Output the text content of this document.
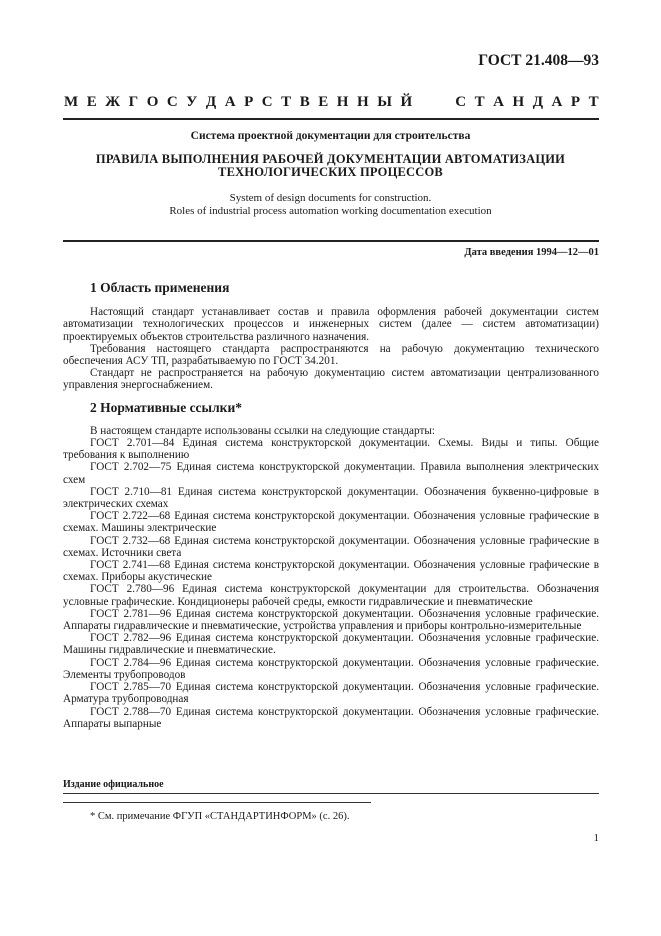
ГОСТ 21.408—93
М Е Ж Г О С У Д А Р С Т В Е Н Н Ы Й	С Т А Н Д А Р Т
Система проектной документации для строительства
ПРАВИЛА ВЫПОЛНЕНИЯ РАБОЧЕЙ ДОКУМЕНТАЦИИ АВТОМАТИЗАЦИИ
ТЕХНОЛОГИЧЕСКИХ ПРОЦЕССОВ
System of design documents for construction.
Roles of industrial process automation working documentation execution
Дата введения 1994—12—01
1 Область применения

Настоящий стандарт устанавливает состав и правила оформления рабочей документации систем автоматизации технологических процессов и инженерных систем (далее — систем автоматизации) проектируемых объектов строительства различного назначения.

Требования настоящего стандарта распространяются на рабочую документацию технического обеспечения АСУ ТП, разрабатываемую по ГОСТ 34.201.

Стандарт не распространяется на рабочую документацию систем автоматизации централизованного управления энергоснабжением.

2 Нормативные ссылки*

В настоящем стандарте использованы ссылки на следующие стандарты:

ГОСТ 2.701—84 Единая система конструкторской документации. Схемы. Виды и типы. Общие требования к выполнению

ГОСТ 2.702—75 Единая система конструкторской документации. Правила выполнения электрических схем

ГОСТ 2.710—81 Единая система конструкторской документации. Обозначения буквенно-цифровые в электрических схемах

ГОСТ 2.722—68 Единая система конструкторской документации. Обозначения условные графические в схемах. Машины электрические

ГОСТ 2.732—68 Единая система конструкторской документации. Обозначения условные графические в схемах. Источники света

ГОСТ 2.741—68 Единая система конструкторской документации. Обозначения условные графические в схемах. Приборы акустические

ГОСТ 2.780—96 Единая система конструкторской документации для строительства. Обозначения условные графические. Кондиционеры рабочей среды, емкости гидравлические и пневматические

ГОСТ 2.781—96 Единая система конструкторской документации. Обозначения условные графические. Аппараты гидравлические и пневматические, устройства управления и приборы контрольно-измерительные

ГОСТ 2.782—96 Единая система конструкторской документации. Обозначения условные графические. Машины гидравлические и пневматические.

ГОСТ 2.784—96 Единая система конструкторской документации. Обозначения условные графические. Элементы трубопроводов

ГОСТ 2.785—70 Единая система конструкторской документации. Обозначения условные графические. Арматура трубопроводная

ГОСТ 2.788—70 Единая система конструкторской документации. Обозначения условные графические. Аппараты выпарные

Издание официальное
* См. примечание ФГУП «СТАНДАРТИНФОРМ» (с. 26).
1
